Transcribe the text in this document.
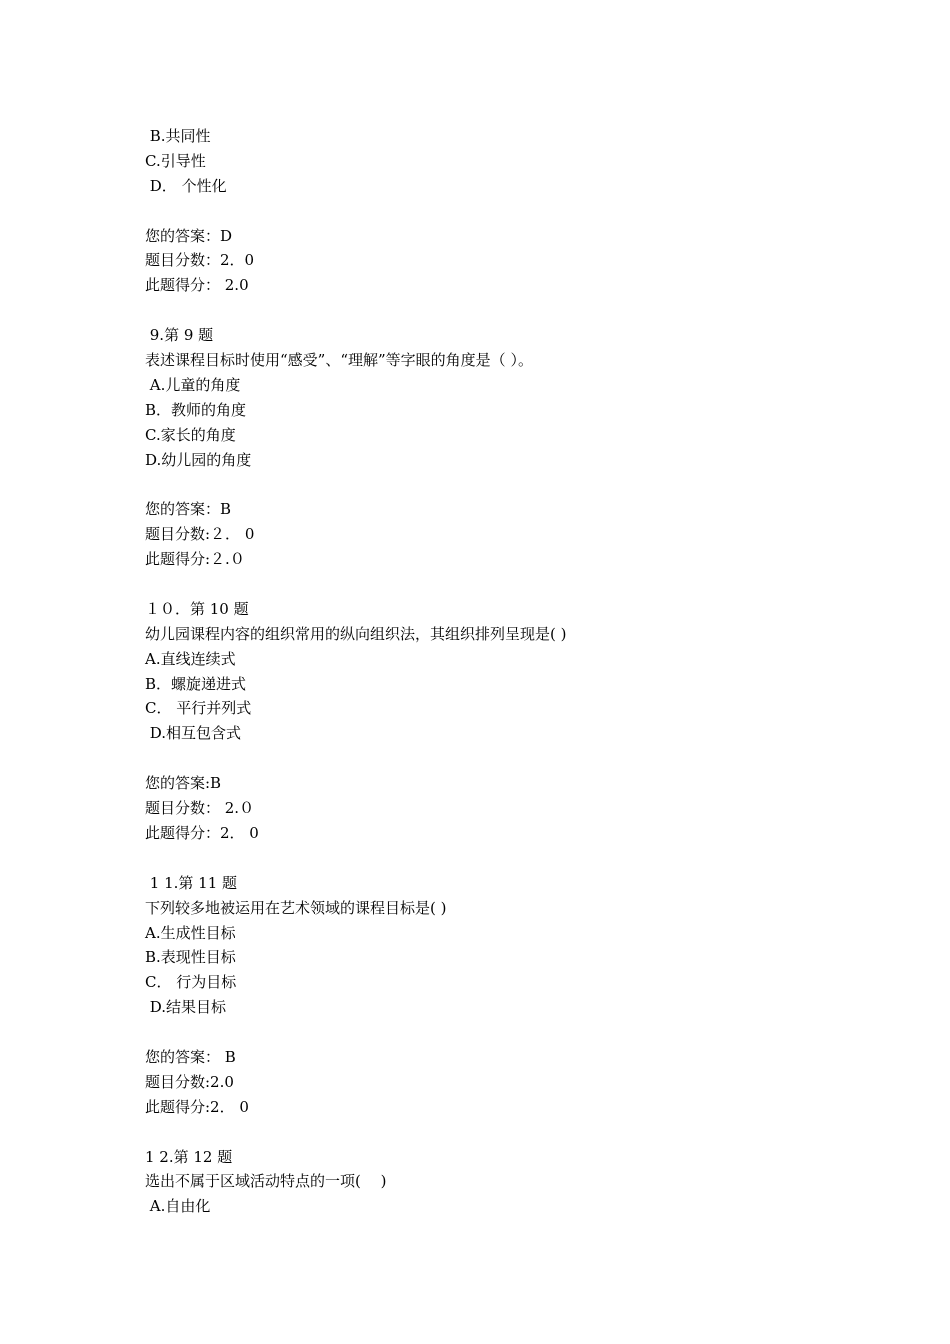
B.共同性
C.引导性
D． 个性化
您的答案：D
题目分数：2．0
此题得分： 2.0
9.第 9 题
表述课程目标时使用“感受”、“理解”等字眼的角度是（ ）。
A.儿童的角度
B．教师的角度
C.家长的角度
D.幼儿园的角度
您的答案：B
题目分数:２． 0
此题得分:２.０
１０．第 10 题
幼儿园课程内容的组织常用的纵向组织法，其组织排列呈现是( )
A.直线连续式
B．螺旋递进式
C． 平行并列式
D.相互包含式
您的答案:B
题目分数： 2.０
此题得分：2． 0
1 1.第 11 题
下列较多地被运用在艺术领域的课程目标是( )
A.生成性目标
B.表现性目标
C． 行为目标
D.结果目标
您的答案： B
题目分数:2.0
此题得分:2． 0
1 2.第 12 题
选出不属于区域活动特点的一项(　 )
A.自由化
